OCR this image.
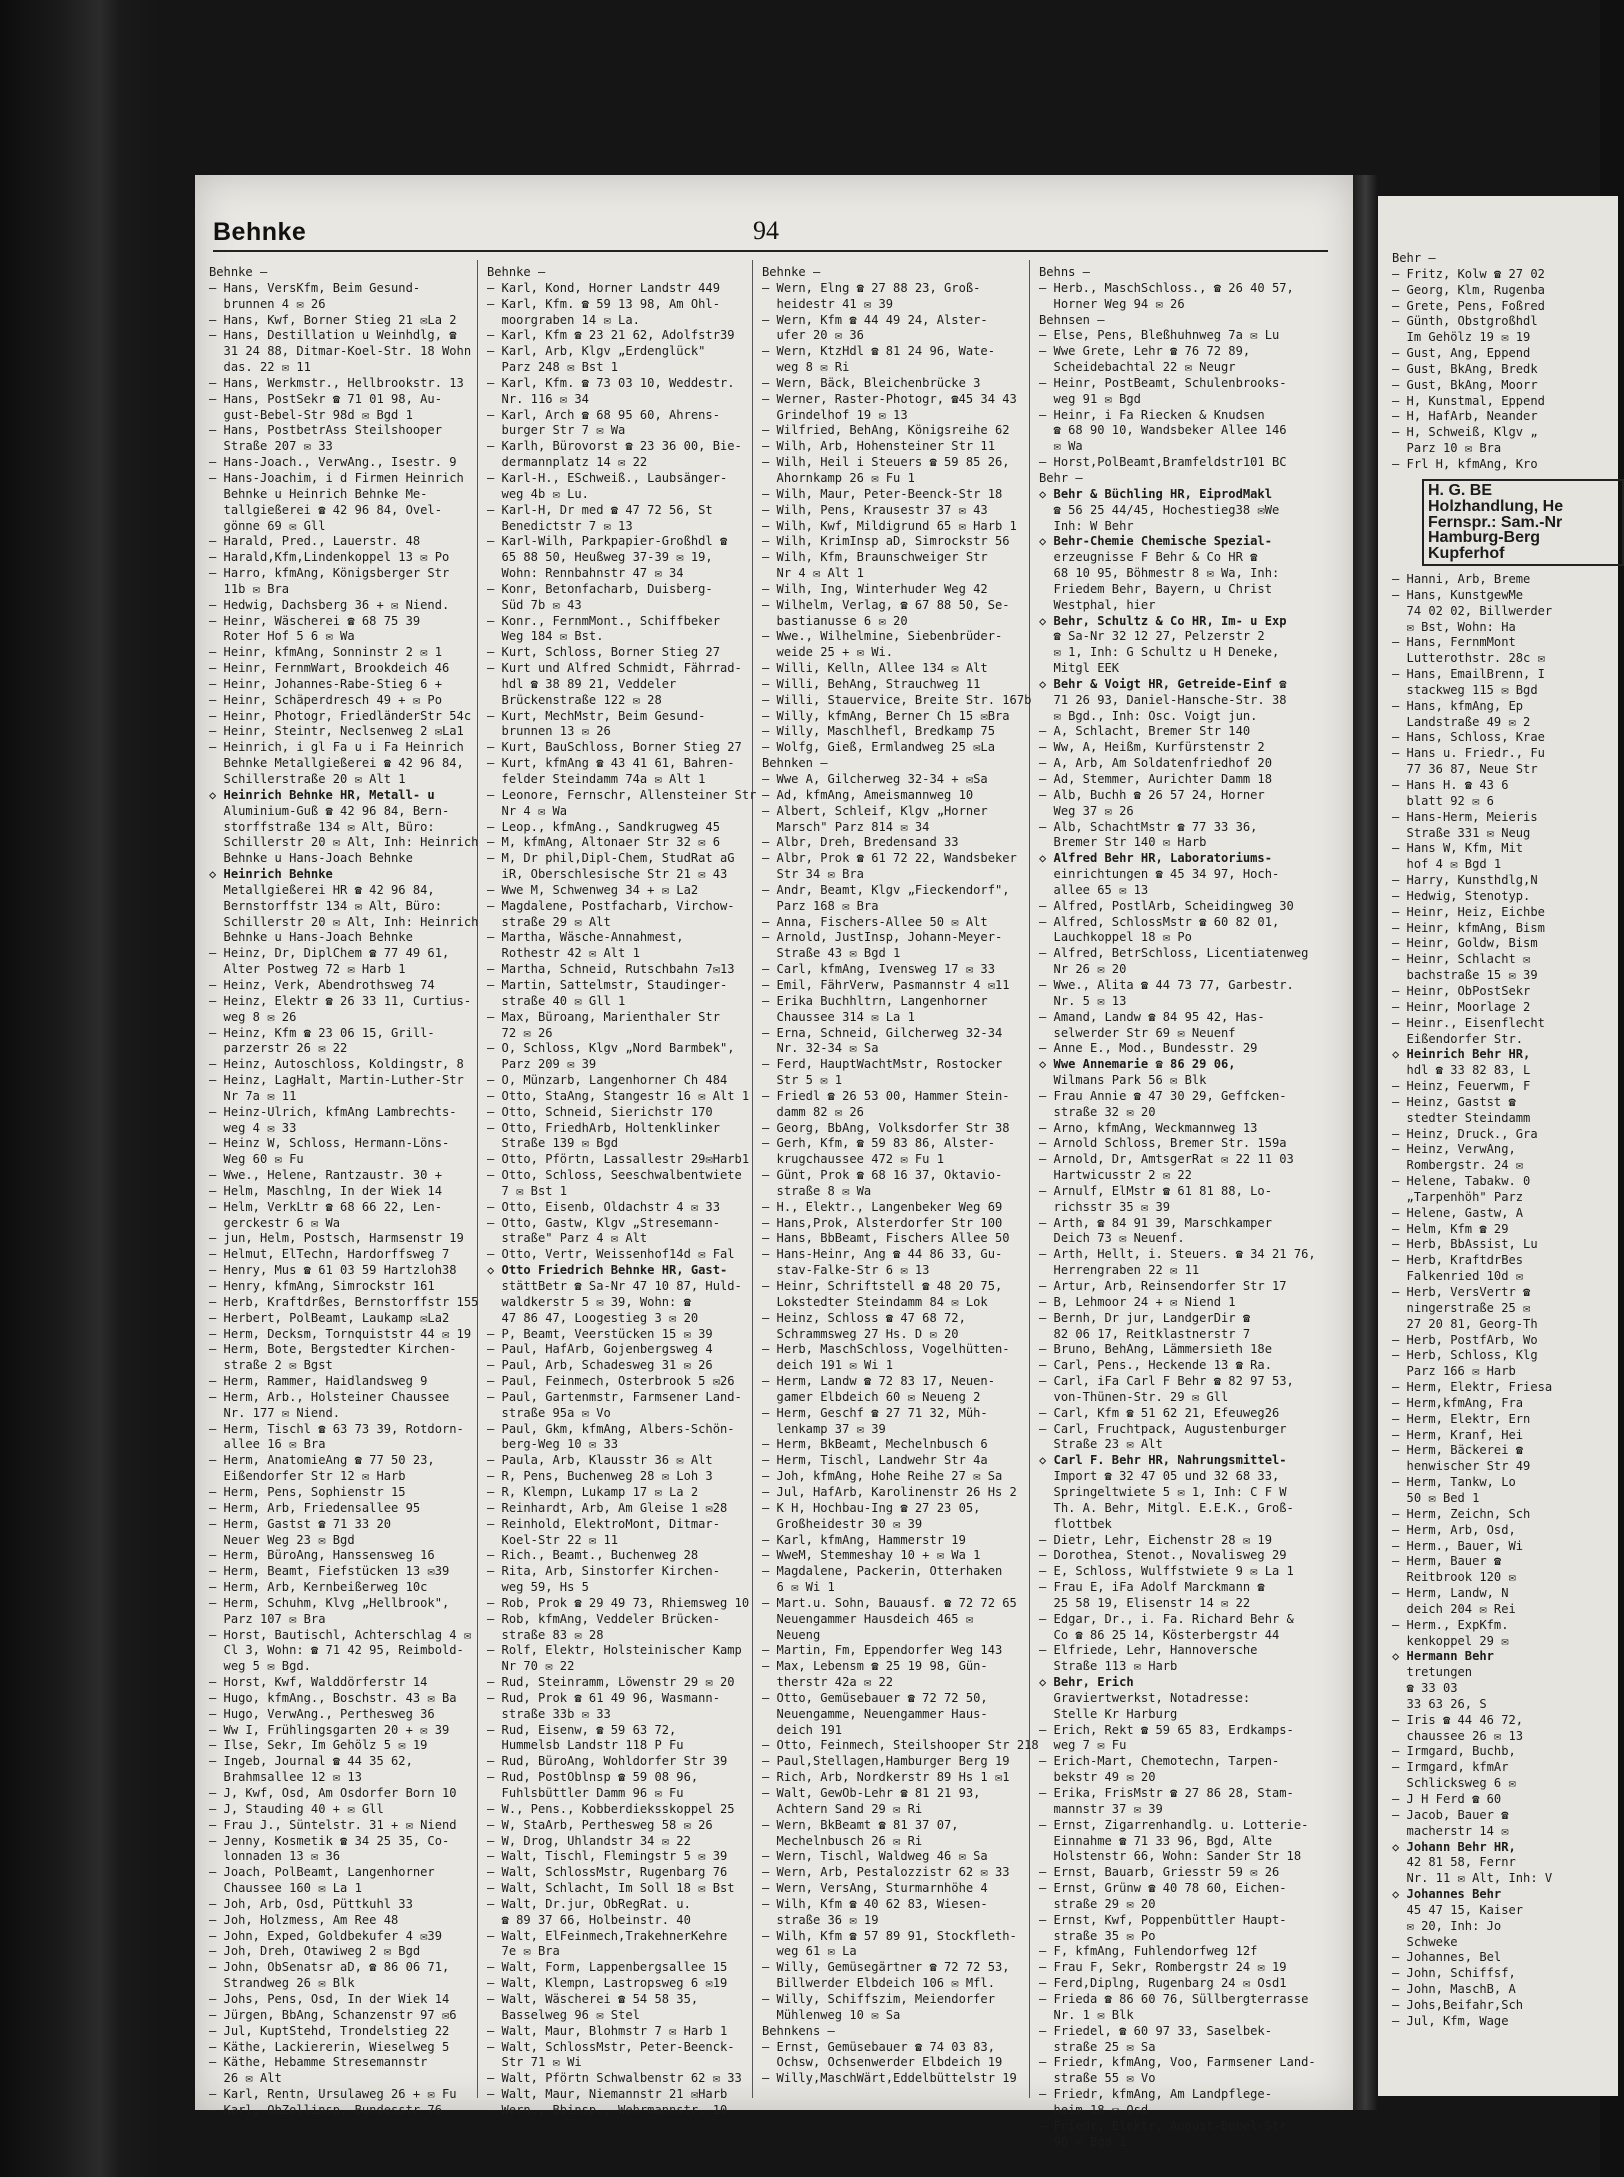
Behnke	94
Behnke —
— Hans, VersKfm, Beim Gesund-
brunnen 4 ✉ 26
— Hans, Kwf, Borner Stieg 21 ✉La 2
— Hans, Destillation u Weinhdlg, ☎
31 24 88, Ditmar-Koel-Str. 18 Wohn
das. 22 ✉ 11
— Hans, Werkmstr., Hellbrookstr. 13
— Hans, PostSekr ☎ 71 01 98, Au-
gust-Bebel-Str 98d ✉ Bgd 1
— Hans, PostbetrAss Steilshooper
Straße 207 ✉ 33
— Hans-Joach., VerwAng., Isestr. 9
— Hans-Joachim, i d Firmen Heinrich
Behnke u Heinrich Behnke Me-
tallgießerei ☎ 42 96 84, Ovel-
gönne 69 ✉ Gll
— Harald, Pred., Lauerstr. 48
— Harald,Kfm,Lindenkoppel 13 ✉ Po
— Harro, kfmAng, Königsberger Str
11b ✉ Bra
— Hedwig, Dachsberg 36 + ✉ Niend.
— Heinr, Wäscherei ☎ 68 75 39
Roter Hof 5 6 ✉ Wa
— Heinr, kfmAng, Sonninstr 2 ✉ 1
— Heinr, FernmWart, Brookdeich 46
— Heinr, Johannes-Rabe-Stieg 6 +
— Heinr, Schäperdresch 49 + ✉ Po
— Heinr, Photogr, FriedländerStr 54c
— Heinr, Steintr, Neclsenweg 2 ✉La1
— Heinrich, i gl Fa u i Fa Heinrich
Behnke Metallgießerei ☎ 42 96 84,
Schillerstraße 20 ✉ Alt 1
◇ Heinrich Behnke HR, Metall- u
Aluminium-Guß ☎ 42 96 84, Bern-
storffstraße 134 ✉ Alt, Büro:
Schillerstr 20 ✉ Alt, Inh: Heinrich
Behnke u Hans-Joach Behnke
◇ Heinrich Behnke
Metallgießerei HR ☎ 42 96 84,
Bernstorffstr 134 ✉ Alt, Büro:
Schillerstr 20 ✉ Alt, Inh: Heinrich
Behnke u Hans-Joach Behnke
— Heinz, Dr, DiplChem ☎ 77 49 61,
Alter Postweg 72 ✉ Harb 1
— Heinz, Verk, Abendrothsweg 74
— Heinz, Elektr ☎ 26 33 11, Curtius-
weg 8 ✉ 26
— Heinz, Kfm ☎ 23 06 15, Grill-
parzerstr 26 ✉ 22
— Heinz, Autoschloss, Koldingstr, 8
— Heinz, LagHalt, Martin-Luther-Str
Nr 7a ✉ 11
— Heinz-Ulrich, kfmAng Lambrechts-
weg 4 ✉ 33
— Heinz W, Schloss, Hermann-Löns-
Weg 60 ✉ Fu
— Wwe., Helene, Rantzaustr. 30 +
— Helm, Maschlng, In der Wiek 14
— Helm, VerkLtr ☎ 68 66 22, Len-
gerckestr 6 ✉ Wa
— jun, Helm, Postsch, Harmsenstr 19
— Helmut, ElTechn, Hardorffsweg 7
— Henry, Mus ☎ 61 03 59 Hartzloh38
— Henry, kfmAng, Simrockstr 161
— Herb, Kraftdrßes, Bernstorffstr 155
— Herbert, PolBeamt, Laukamp ✉La2
— Herm, Decksm, Tornquiststr 44 ✉ 19
— Herm, Bote, Bergstedter Kirchen-
straße 2 ✉ Bgst
— Herm, Rammer, Haidlandsweg 9
— Herm, Arb., Holsteiner Chaussee
Nr. 177 ✉ Niend.
— Herm, Tischl ☎ 63 73 39, Rotdorn-
allee 16 ✉ Bra
— Herm, AnatomieAng ☎ 77 50 23,
Eißendorfer Str 12 ✉ Harb
— Herm, Pens, Sophienstr 15
— Herm, Arb, Friedensallee 95
— Herm, Gastst ☎ 71 33 20
Neuer Weg 23 ✉ Bgd
— Herm, BüroAng, Hanssensweg 16
— Herm, Beamt, Fiefstücken 13 ✉39
— Herm, Arb, Kernbeißerweg 10c
— Herm, Schuhm, Klvg „Hellbrook",
Parz 107 ✉ Bra
— Horst, Bautischl, Achterschlag 4 ✉
Cl 3, Wohn: ☎ 71 42 95, Reimbold-
weg 5 ✉ Bgd.
— Horst, Kwf, Walddörferstr 14
— Hugo, kfmAng., Boschstr. 43 ✉ Ba
— Hugo, VerwAng., Perthesweg 36
— Ww I, Frühlingsgarten 20 + ✉ 39
— Ilse, Sekr, Im Gehölz 5 ✉ 19
— Ingeb, Journal ☎ 44 35 62,
Brahmsallee 12 ✉ 13
— J, Kwf, Osd, Am Osdorfer Born 10
— J, Stauding 40 + ✉ Gll
— Frau J., Süntelstr. 31 + ✉ Niend
— Jenny, Kosmetik ☎ 34 25 35, Co-
lonnaden 13 ✉ 36
— Joach, PolBeamt, Langenhorner
Chaussee 160 ✉ La 1
— Joh, Arb, Osd, Püttkuhl 33
— Joh, Holzmess, Am Ree 48
— John, Exped, Goldbekufer 4 ✉39
— Joh, Dreh, Otawiweg 2 ✉ Bgd
— John, ObSenatsr aD, ☎ 86 06 71,
Strandweg 26 ✉ Blk
— Johs, Pens, Osd, In der Wiek 14
— Jürgen, BbAng, Schanzenstr 97 ✉6
— Jul, KuptStehd, Trondelstieg 22
— Käthe, Lackiererin, Wieselweg 5
— Käthe, Hebamme Stresemannstr
26 ✉ Alt
— Karl, Rentn, Ursulaweg 26 + ✉ Fu
— Karl, ObZollinsp, Bundesstr 76
Behnke —
— Karl, Kond, Horner Landstr 449
— Karl, Kfm. ☎ 59 13 98, Am Ohl-
moorgraben 14 ✉ La.
— Karl, Kfm ☎ 23 21 62, Adolfstr39
— Karl, Arb, Klgv „Erdenglück"
Parz 248 ✉ Bst 1
— Karl, Kfm. ☎ 73 03 10, Weddestr.
Nr. 116 ✉ 34
— Karl, Arch ☎ 68 95 60, Ahrens-
burger Str 7 ✉ Wa
— Karlh, Bürovorst ☎ 23 36 00, Bie-
dermannplatz 14 ✉ 22
— Karl-H., ESchweiß., Laubsänger-
weg 4b ✉ Lu.
— Karl-H, Dr med ☎ 47 72 56, St
Benedictstr 7 ✉ 13
— Karl-Wilh, Parkpapier-Großhdl ☎
65 88 50, Heußweg 37-39 ✉ 19,
Wohn: Rennbahnstr 47 ✉ 34
— Konr, Betonfacharb, Duisberg-
Süd 7b ✉ 43
— Konr., FernmMont., Schiffbeker
Weg 184 ✉ Bst.
— Kurt, Schloss, Borner Stieg 27
— Kurt und Alfred Schmidt, Fährrad-
hdl ☎ 38 89 21, Veddeler
Brückenstraße 122 ✉ 28
— Kurt, MechMstr, Beim Gesund-
brunnen 13 ✉ 26
— Kurt, BauSchloss, Borner Stieg 27
— Kurt, kfmAng ☎ 43 41 61, Bahren-
felder Steindamm 74a ✉ Alt 1
— Leonore, Fernschr, Allensteiner Str
Nr 4 ✉ Wa
— Leop., kfmAng., Sandkrugweg 45
— M, kfmAng, Altonaer Str 32 ✉ 6
— M, Dr phil,Dipl-Chem, StudRat aG
iR, Oberschlesische Str 21 ✉ 43
— Wwe M, Schwenweg 34 + ✉ La2
— Magdalene, Postfacharb, Virchow-
straße 29 ✉ Alt
— Martha, Wäsche-Annahmest,
Rothestr 42 ✉ Alt 1
— Martha, Schneid, Rutschbahn 7✉13
— Martin, Sattelmstr, Staudinger-
straße 40 ✉ Gll 1
— Max, Büroang, Marienthaler Str
72 ✉ 26
— O, Schloss, Klgv „Nord Barmbek",
Parz 209 ✉ 39
— O, Münzarb, Langenhorner Ch 484
— Otto, StaAng, Stangestr 16 ✉ Alt 1
— Otto, Schneid, Sierichstr 170
— Otto, FriedhArb, Holtenklinker
Straße 139 ✉ Bgd
— Otto, Pförtn, Lassallestr 29✉Harb1
— Otto, Schloss, Seeschwalbentwiete
7 ✉ Bst 1
— Otto, Eisenb, Oldachstr 4 ✉ 33
— Otto, Gastw, Klgv „Stresemann-
straße" Parz 4 ✉ Alt
— Otto, Vertr, Weissenhof14d ✉ Fal
◇ Otto Friedrich Behnke HR, Gast-
stättBetr ☎ Sa-Nr 47 10 87, Huld-
waldkerstr 5 ✉ 39, Wohn: ☎
47 86 47, Loogestieg 3 ✉ 20
— P, Beamt, Veerstücken 15 ✉ 39
— Paul, HafArb, Gojenbergsweg 4
— Paul, Arb, Schadesweg 31 ✉ 26
— Paul, Feinmech, Osterbrook 5 ✉26
— Paul, Gartenmstr, Farmsener Land-
straße 95a ✉ Vo
— Paul, Gkm, kfmAng, Albers-Schön-
berg-Weg 10 ✉ 33
— Paula, Arb, Klausstr 36 ✉ Alt
— R, Pens, Buchenweg 28 ✉ Loh 3
— R, Klempn, Lukamp 17 ✉ La 2
— Reinhardt, Arb, Am Gleise 1 ✉28
— Reinhold, ElektroMont, Ditmar-
Koel-Str 22 ✉ 11
— Rich., Beamt., Buchenweg 28
— Rita, Arb, Sinstorfer Kirchen-
weg 59, Hs 5
— Rob, Prok ☎ 29 49 73, Rhiemsweg 10
— Rob, kfmAng, Veddeler Brücken-
straße 83 ✉ 28
— Rolf, Elektr, Holsteinischer Kamp
Nr 70 ✉ 22
— Rud, Steinramm, Löwenstr 29 ✉ 20
— Rud, Prok ☎ 61 49 96, Wasmann-
straße 33b ✉ 33
— Rud, Eisenw, ☎ 59 63 72,
Hummelsb Landstr 118 P Fu
— Rud, BüroAng, Wohldorfer Str 39
— Rud, PostOblnsp ☎ 59 08 96,
Fuhlsbüttler Damm 96 ✉ Fu
— W., Pens., Kobberdieksskoppel 25
— W, StaArb, Perthesweg 58 ✉ 26
— W, Drog, Uhlandstr 34 ✉ 22
— Walt, Tischl, Flemingstr 5 ✉ 39
— Walt, SchlossMstr, Rugenbarg 76
— Walt, Schlacht, Im Soll 18 ✉ Bst
— Walt, Dr.jur, ObRegRat. u.
☎ 89 37 66, Holbeinstr. 40
— Walt, ElFeinmech,TrakehnerKehre
7e ✉ Bra
— Walt, Form, Lappenbergsallee 15
— Walt, Klempn, Lastropsweg 6 ✉19
— Walt, Wäscherei ☎ 54 58 35,
Basselweg 96 ✉ Stel
— Walt, Maur, Blohmstr 7 ✉ Harb 1
— Walt, SchlossMstr, Peter-Beenck-
Str 71 ✉ Wi
— Walt, Pförtn Schwalbenstr 62 ✉ 33
— Walt, Maur, Niemannstr 21 ✉Harb
— Wern., Bbinsp., Wehrmannstr. 10
Behnke —
— Wern, Elng ☎ 27 88 23, Groß-
heidestr 41 ✉ 39
— Wern, Kfm ☎ 44 49 24, Alster-
ufer 20 ✉ 36
— Wern, KtzHdl ☎ 81 24 96, Wate-
weg 8 ✉ Ri
— Wern, Bäck, Bleichenbrücke 3
— Werner, Raster-Photogr, ☎45 34 43
Grindelhof 19 ✉ 13
— Wilfried, BehAng, Königsreihe 62
— Wilh, Arb, Hohensteiner Str 11
— Wilh, Heil i Steuers ☎ 59 85 26,
Ahornkamp 26 ✉ Fu 1
— Wilh, Maur, Peter-Beenck-Str 18
— Wilh, Pens, Krausestr 37 ✉ 43
— Wilh, Kwf, Mildigrund 65 ✉ Harb 1
— Wilh, KrimInsp aD, Simrockstr 56
— Wilh, Kfm, Braunschweiger Str
Nr 4 ✉ Alt 1
— Wilh, Ing, Winterhuder Weg 42
— Wilhelm, Verlag, ☎ 67 88 50, Se-
bastianusse 6 ✉ 20
— Wwe., Wilhelmine, Siebenbrüder-
weide 25 + ✉ Wi.
— Willi, Kelln, Allee 134 ✉ Alt
— Willi, BehAng, Strauchweg 11
— Willi, Stauervice, Breite Str. 167b
— Willy, kfmAng, Berner Ch 15 ✉Bra
— Willy, Maschlhefl, Bredkamp 75
— Wolfg, Gieß, Ermlandweg 25 ✉La
Behnken —
— Wwe A, Gilcherweg 32-34 + ✉Sa
— Ad, kfmAng, Ameismannweg 10
— Albert, Schleif, Klgv „Horner
Marsch" Parz 814 ✉ 34
— Albr, Dreh, Bredensand 33
— Albr, Prok ☎ 61 72 22, Wandsbeker
Str 34 ✉ Bra
— Andr, Beamt, Klgv „Fieckendorf",
Parz 168 ✉ Bra
— Anna, Fischers-Allee 50 ✉ Alt
— Arnold, JustInsp, Johann-Meyer-
Straße 43 ✉ Bgd 1
— Carl, kfmAng, Ivensweg 17 ✉ 33
— Emil, FährVerw, Pasmannstr 4 ✉11
— Erika Buchhltrn, Langenhorner
Chaussee 314 ✉ La 1
— Erna, Schneid, Gilcherweg 32-34
Nr. 32-34 ✉ Sa
— Ferd, HauptWachtMstr, Rostocker
Str 5 ✉ 1
— Friedl ☎ 26 53 00, Hammer Stein-
damm 82 ✉ 26
— Georg, BbAng, Volksdorfer Str 38
— Gerh, Kfm, ☎ 59 83 86, Alster-
krugchaussee 472 ✉ Fu 1
— Günt, Prok ☎ 68 16 37, Oktavio-
straße 8 ✉ Wa
— H., Elektr., Langenbeker Weg 69
— Hans,Prok, Alsterdorfer Str 100
— Hans, BbBeamt, Fischers Allee 50
— Hans-Heinr, Ang ☎ 44 86 33, Gu-
stav-Falke-Str 6 ✉ 13
— Heinr, Schriftstell ☎ 48 20 75,
Lokstedter Steindamm 84 ✉ Lok
— Heinz, Schloss ☎ 47 68 72,
Schrammsweg 27 Hs. D ✉ 20
— Herb, MaschSchloss, Vogelhütten-
deich 191 ✉ Wi 1
— Herm, Landw ☎ 72 83 17, Neuen-
gamer Elbdeich 60 ✉ Neueng 2
— Herm, Geschf ☎ 27 71 32, Müh-
lenkamp 37 ✉ 39
— Herm, BkBeamt, Mechelnbusch 6
— Herm, Tischl, Landwehr Str 4a
— Joh, kfmAng, Hohe Reihe 27 ✉ Sa
— Jul, HafArb, Karolinenstr 26 Hs 2
— K H, Hochbau-Ing ☎ 27 23 05,
Großheidestr 30 ✉ 39
— Karl, kfmAng, Hammerstr 19
— WweM, Stemmeshay 10 + ✉ Wa 1
— Magdalene, Packerin, Otterhaken
6 ✉ Wi 1
— Mart.u. Sohn, Bauausf. ☎ 72 72 65
Neuengammer Hausdeich 465 ✉
Neueng
— Martin, Fm, Eppendorfer Weg 143
— Max, Lebensm ☎ 25 19 98, Gün-
therstr 42a ✉ 22
— Otto, Gemüsebauer ☎ 72 72 50,
Neuengamme, Neuengammer Haus-
deich 191
— Otto, Feinmech, Steilshooper Str 218
— Paul,Stellagen,Hamburger Berg 19
— Rich, Arb, Nordkerstr 89 Hs 1 ✉1
— Walt, GewOb-Lehr ☎ 81 21 93,
Achtern Sand 29 ✉ Ri
— Wern, BkBeamt ☎ 81 37 07,
Mechelnbusch 26 ✉ Ri
— Wern, Tischl, Waldweg 46 ✉ Sa
— Wern, Arb, Pestalozzistr 62 ✉ 33
— Wern, VersAng, Sturmarnhöhe 4
— Wilh, Kfm ☎ 40 62 83, Wiesen-
straße 36 ✉ 19
— Wilh, Kfm ☎ 57 89 91, Stockfleth-
weg 61 ✉ La
— Willy, Gemüsegärtner ☎ 72 72 53,
Billwerder Elbdeich 106 ✉ Mfl.
— Willy, Schiffszim, Meiendorfer
Mühlenweg 10 ✉ Sa
Behnkens —
— Ernst, Gemüsebauer ☎ 74 03 83,
Ochsw, Ochsenwerder Elbdeich 19
— Willy,MaschWärt,Eddelbüttelstr 19
Behns —
— Herb., MaschSchloss., ☎ 26 40 57,
Horner Weg 94 ✉ 26
Behnsen —
— Else, Pens, Bleßhuhnweg 7a ✉ Lu
— Wwe Grete, Lehr ☎ 76 72 89,
Scheidebachtal 22 ✉ Neugr
— Heinr, PostBeamt, Schulenbrooks-
weg 91 ✉ Bgd
— Heinr, i Fa Riecken & Knudsen
☎ 68 90 10, Wandsbeker Allee 146
✉ Wa
— Horst,PolBeamt,Bramfeldstr101 BC
Behr —
◇ Behr & Büchling HR, EiprodMakl
☎ 56 25 44/45, Hochestieg38 ✉We
Inh: W Behr
◇ Behr-Chemie Chemische Spezial-
erzeugnisse F Behr & Co HR ☎
68 10 95, Böhmestr 8 ✉ Wa, Inh:
Friedem Behr, Bayern, u Christ
Westphal, hier
◇ Behr, Schultz & Co HR, Im- u Exp
☎ Sa-Nr 32 12 27, Pelzerstr 2
✉ 1, Inh: G Schultz u H Deneke,
Mitgl EEK
◇ Behr & Voigt HR, Getreide-Einf ☎
71 26 93, Daniel-Hansche-Str. 38
✉ Bgd., Inh: Osc. Voigt jun.
— A, Schlacht, Bremer Str 140
— Ww, A, Heißm, Kurfürstenstr 2
— A, Arb, Am Soldatenfriedhof 20
— Ad, Stemmer, Aurichter Damm 18
— Alb, Buchh ☎ 26 57 24, Horner
Weg 37 ✉ 26
— Alb, SchachtMstr ☎ 77 33 36,
Bremer Str 140 ✉ Harb
◇ Alfred Behr HR, Laboratoriums-
einrichtungen ☎ 45 34 97, Hoch-
allee 65 ✉ 13
— Alfred, PostlArb, Scheidingweg 30
— Alfred, SchlossMstr ☎ 60 82 01,
Lauchkoppel 18 ✉ Po
— Alfred, BetrSchloss, Licentiatenweg
Nr 26 ✉ 20
— Wwe., Alita ☎ 44 73 77, Garbestr.
Nr. 5 ✉ 13
— Amand, Landw ☎ 84 95 42, Has-
selwerder Str 69 ✉ Neuenf
— Anne E., Mod., Bundesstr. 29
◇ Wwe Annemarie ☎ 86 29 06,
Wilmans Park 56 ✉ Blk
— Frau Annie ☎ 47 30 29, Geffcken-
straße 32 ✉ 20
— Arno, kfmAng, Weckmannweg 13
— Arnold Schloss, Bremer Str. 159a
— Arnold, Dr, AmtsgerRat ✉ 22 11 03
Hartwicusstr 2 ✉ 22
— Arnulf, ElMstr ☎ 61 81 88, Lo-
richsstr 35 ✉ 39
— Arth, ☎ 84 91 39, Marschkamper
Deich 73 ✉ Neuenf.
— Arth, Hellt, i. Steuers. ☎ 34 21 76,
Herrengraben 22 ✉ 11
— Artur, Arb, Reinsendorfer Str 17
— B, Lehmoor 24 + ✉ Niend 1
— Bernh, Dr jur, LandgerDir ☎
82 06 17, Reitklastnerstr 7
— Bruno, BehAng, Lämmersieth 18e
— Carl, Pens., Heckende 13 ☎ Ra.
— Carl, iFa Carl F Behr ☎ 82 97 53,
von-Thünen-Str. 29 ✉ Gll
— Carl, Kfm ☎ 51 62 21, Efeuweg26
— Carl, Fruchtpack, Augustenburger
Straße 23 ✉ Alt
◇ Carl F. Behr HR, Nahrungsmittel-
Import ☎ 32 47 05 und 32 68 33,
Springeltwiete 5 ✉ 1, Inh: C F W
Th. A. Behr, Mitgl. E.E.K., Groß-
flottbek
— Dietr, Lehr, Eichenstr 28 ✉ 19
— Dorothea, Stenot., Novalisweg 29
— E, Schloss, Wulffstwiete 9 ✉ La 1
— Frau E, iFa Adolf Marckmann ☎
25 58 19, Elisenstr 14 ✉ 22
— Edgar, Dr., i. Fa. Richard Behr &
Co ☎ 86 25 14, Kösterbergstr 44
— Elfriede, Lehr, Hannoversche
Straße 113 ✉ Harb
◇ Behr, Erich
Graviertwerkst, Notadresse:
Stelle Kr Harburg
— Erich, Rekt ☎ 59 65 83, Erdkamps-
weg 7 ✉ Fu
— Erich-Mart, Chemotechn, Tarpen-
bekstr 49 ✉ 20
— Erika, FrisMstr ☎ 27 86 28, Stam-
mannstr 37 ✉ 39
— Ernst, Zigarrenhandlg. u. Lotterie-
Einnahme ☎ 71 33 96, Bgd, Alte
Holstenstr 66, Wohn: Sander Str 18
— Ernst, Bauarb, Griesstr 59 ✉ 26
— Ernst, Grünw ☎ 40 78 60, Eichen-
straße 29 ✉ 20
— Ernst, Kwf, Poppenbüttler Haupt-
straße 35 ✉ Po
— F, kfmAng, Fuhlendorfweg 12f
— Frau F, Sekr, Rombergstr 24 ✉ 19
— Ferd,Diplng, Rugenbarg 24 ✉ Osd1
— Frieda ☎ 86 60 76, Süllbergterrasse
Nr. 1 ✉ Blk
— Friedel, ☎ 60 97 33, Saselbek-
straße 25 ✉ Sa
— Friedr, kfmAng, Voo, Farmsener Land-
straße 55 ✉ Vo
— Friedr, kfmAng, Am Landpflege-
heim 18 ✉ Osd
— Friedr, Elektr, August-Bebel-Str
96 ✉ Bgd 1
Behr —
— Fritz, Kolw ☎ 27 02
— Georg, Klm, Rugenba
— Grete, Pens, Foßred
— Günth, Obstgroßhdl
Im Gehölz 19 ✉ 19
— Gust, Ang, Eppend
— Gust, BkAng, Bredk
— Gust, BkAng, Moorr
— H, Kunstmal, Eppend
— H, HafArb, Neander
— H, Schweiß, Klgv „
Parz 10 ✉ Bra
— Frl H, kfmAng, Kro
H. G. BE
Holzhandlung, He
Fernspr.: Sam.-Nr
Hamburg-Berg
Kupferhof
— Hanni, Arb, Breme
— Hans, KunstgewMe
74 02 02, Billwerder
✉ Bst, Wohn: Ha
— Hans, FernmMont
Lutterothstr. 28c ✉
— Hans, EmailBrenn, I
stackweg 115 ✉ Bgd
— Hans, kfmAng, Ep
Landstraße 49 ✉ 2
— Hans, Schloss, Krae
— Hans u. Friedr., Fu
77 36 87, Neue Str
— Hans H. ☎ 43 6
blatt 92 ✉ 6
— Hans-Herm, Meieris
Straße 331 ✉ Neug
— Hans W, Kfm, Mit
hof 4 ✉ Bgd 1
— Harry, Kunsthdlg,N
— Hedwig, Stenotyp.
— Heinr, Heiz, Eichbe
— Heinr, kfmAng, Bism
— Heinr, Goldw, Bism
— Heinr, Schlacht ✉
bachstraße 15 ✉ 39
— Heinr, ObPostSekr
— Heinr, Moorlage 2
— Heinr., Eisenflecht
Eißendorfer Str.
◇ Heinrich Behr HR,
hdl ☎ 33 82 83, L
— Heinz, Feuerwm, F
— Heinz, Gastst ☎
stedter Steindamm
— Heinz, Druck., Gra
— Heinz, VerwAng,
Rombergstr. 24 ✉
— Helene, Tabakw. 0
„Tarpenhöh" Parz
— Helene, Gastw, A
— Helm, Kfm ☎ 29
— Herb, BbAssist, Lu
— Herb, KraftdrBes
Falkenried 10d ✉
— Herb, VersVertr ☎
ningerstraße 25 ✉
27 20 81, Georg-Th
— Herb, PostfArb, Wo
— Herb, Schloss, Klg
Parz 166 ✉ Harb
— Herm, Elektr, Friesa
— Herm,kfmAng, Fra
— Herm, Elektr, Ern
— Herm, Kranf, Hei
— Herm, Bäckerei ☎
henwischer Str 49
— Herm, Tankw, Lo
50 ✉ Bed 1
— Herm, Zeichn, Sch
— Herm, Arb, Osd,
— Herm., Bauer, Wi
— Herm, Bauer ☎
Reitbrook 120 ✉
— Herm, Landw, N
deich 204 ✉ Rei
— Herm., ExpKfm.
kenkoppel 29 ✉
◇ Hermann Behr
tretungen
☎ 33 03
33 63 26, S
— Iris ☎ 44 46 72,
chaussee 26 ✉ 13
— Irmgard, Buchb,
— Irmgard, kfmAr
Schlicksweg 6 ✉
— J H Ferd ☎ 60
— Jacob, Bauer ☎
macherstr 14 ✉
◇ Johann Behr HR,
42 81 58, Fernr
Nr. 11 ✉ Alt, Inh: V
◇ Johannes Behr
45 47 15, Kaiser
✉ 20, Inh: Jo
Schweke
— Johannes, Bel
— John, Schiffsf,
— John, MaschB, A
— Johs,Beifahr,Sch
— Jul, Kfm, Wage
